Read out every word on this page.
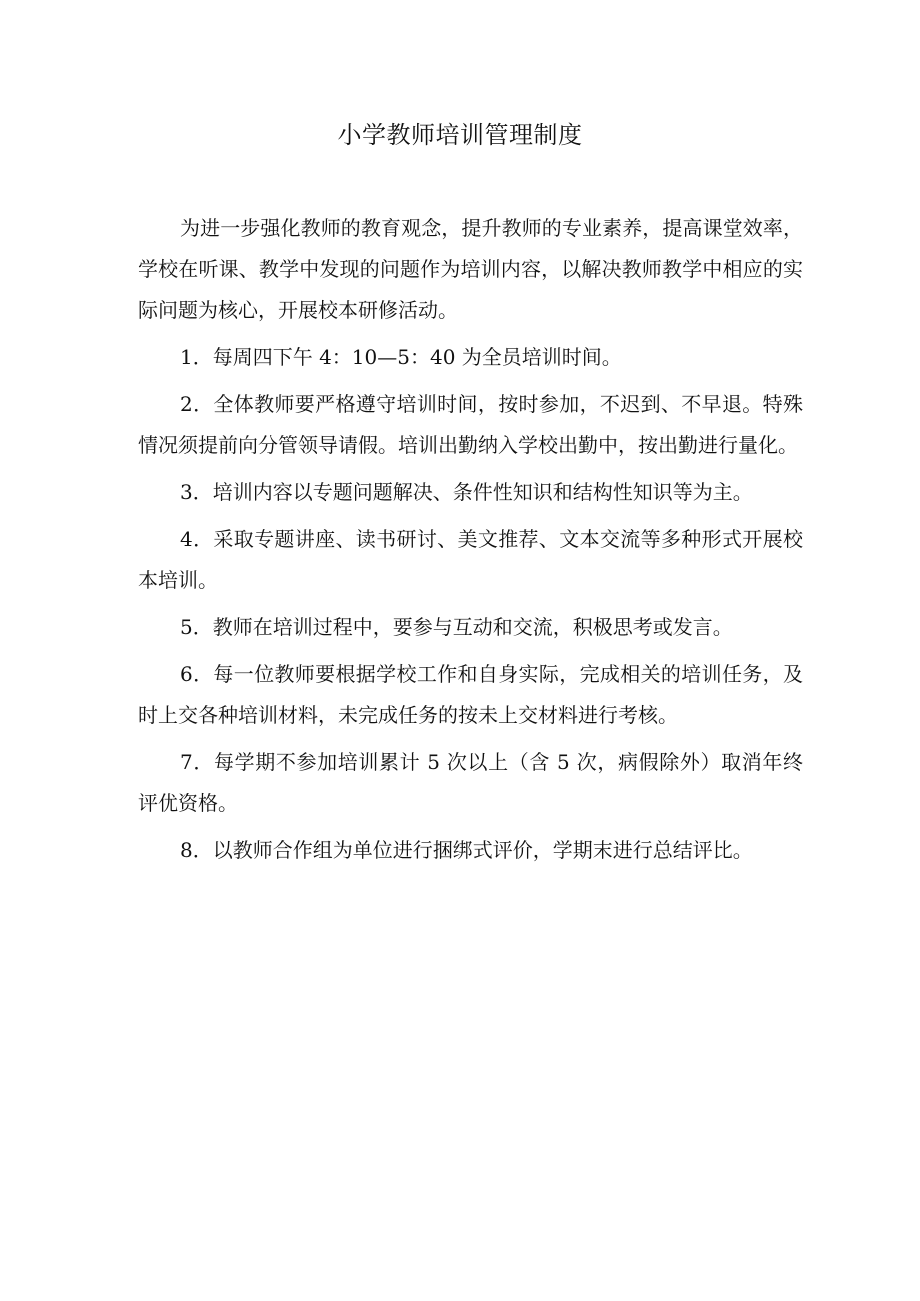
小学教师培训管理制度

为进一步强化教师的教育观念，提升教师的专业素养，提高课堂效率，学校在听课、教学中发现的问题作为培训内容，以解决教师教学中相应的实际问题为核心，开展校本研修活动。

1．每周四下午 4：10—5：40 为全员培训时间。

2．全体教师要严格遵守培训时间，按时参加，不迟到、不早退。特殊情况须提前向分管领导请假。培训出勤纳入学校出勤中，按出勤进行量化。

3．培训内容以专题问题解决、条件性知识和结构性知识等为主。

4．采取专题讲座、读书研讨、美文推荐、文本交流等多种形式开展校本培训。

5．教师在培训过程中，要参与互动和交流，积极思考或发言。

6．每一位教师要根据学校工作和自身实际，完成相关的培训任务，及时上交各种培训材料，未完成任务的按未上交材料进行考核。

7．每学期不参加培训累计 5 次以上（含 5 次，病假除外）取消年终评优资格。

8．以教师合作组为单位进行捆绑式评价，学期末进行总结评比。
